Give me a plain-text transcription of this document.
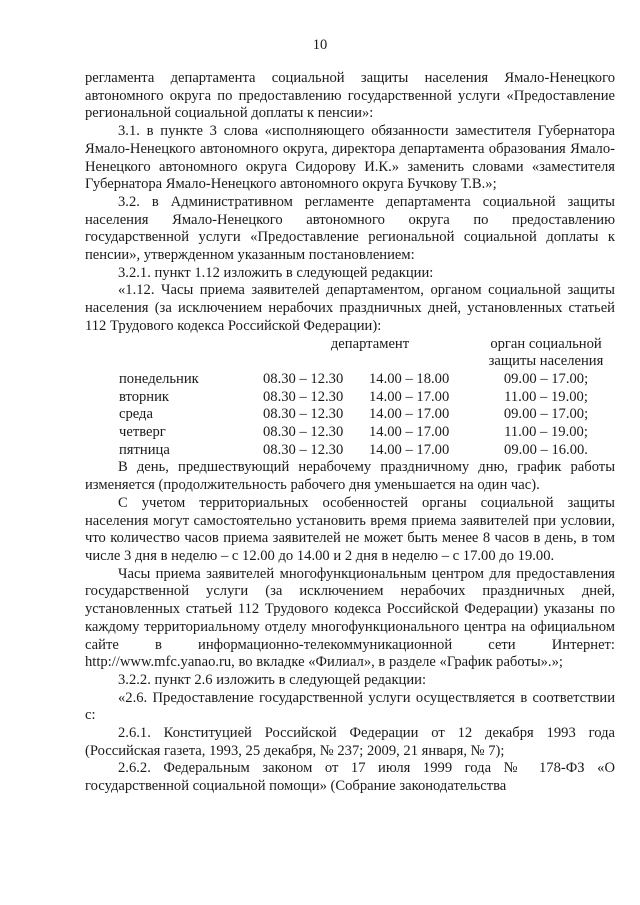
10

регламента департамента социальной защиты населения Ямало-Ненецкого автономного округа по предоставлению государственной услуги «Предоставление региональной социальной доплаты к пенсии»:

3.1. в пункте 3 слова «исполняющего обязанности заместителя Губернатора Ямало-Ненецкого автономного округа, директора департамента образования Ямало-Ненецкого автономного округа Сидорову И.К.» заменить словами «заместителя Губернатора Ямало-Ненецкого автономного округа Бучкову Т.В.»;

3.2. в Административном регламенте департамента социальной защиты населения Ямало-Ненецкого автономного округа по предоставлению государственной услуги «Предоставление региональной социальной доплаты к пенсии», утвержденном указанным постановлением:

3.2.1. пункт 1.12 изложить в следующей редакции:

«1.12. Часы приема заявителей департаментом, органом социальной защиты населения (за исключением нерабочих праздничных дней, установленных статьей 112 Трудового кодекса Российской Федерации):

		департамент		орган социальной
				защиты населения
	понедельник	08.30 – 12.30	14.00 – 18.00	09.00 – 17.00;
	вторник	08.30 – 12.30	14.00 – 17.00	11.00 – 19.00;
	среда	08.30 – 12.30	14.00 – 17.00	09.00 – 17.00;
	четверг	08.30 – 12.30	14.00 – 17.00	11.00 – 19.00;
	пятница	08.30 – 12.30	14.00 – 17.00	09.00 – 16.00.

В день, предшествующий нерабочему праздничному дню, график работы изменяется (продолжительность рабочего дня уменьшается на один час).

С учетом территориальных особенностей органы социальной защиты населения могут самостоятельно установить время приема заявителей при условии, что количество часов приема заявителей не может быть менее 8 часов в день, в том числе 3 дня в неделю – с 12.00 до 14.00 и 2 дня в неделю – с 17.00 до 19.00.

Часы приема заявителей многофункциональным центром для предоставления государственной услуги (за исключением нерабочих праздничных дней, установленных статьей 112 Трудового кодекса Российской Федерации) указаны по каждому территориальному отделу многофункционального центра на официальном сайте в информационно-телекоммуникационной сети Интернет: http://www.mfc.yanao.ru, во вкладке «Филиал», в разделе «График работы».»;

3.2.2. пункт 2.6 изложить в следующей редакции:

«2.6. Предоставление государственной услуги осуществляется в соответствии с:

2.6.1. Конституцией Российской Федерации от 12 декабря 1993 года (Российская газета, 1993, 25 декабря, № 237; 2009, 21 января, № 7);

2.6.2. Федеральным законом от 17 июля 1999 года № 178-ФЗ «О государственной социальной помощи» (Собрание законодательства
